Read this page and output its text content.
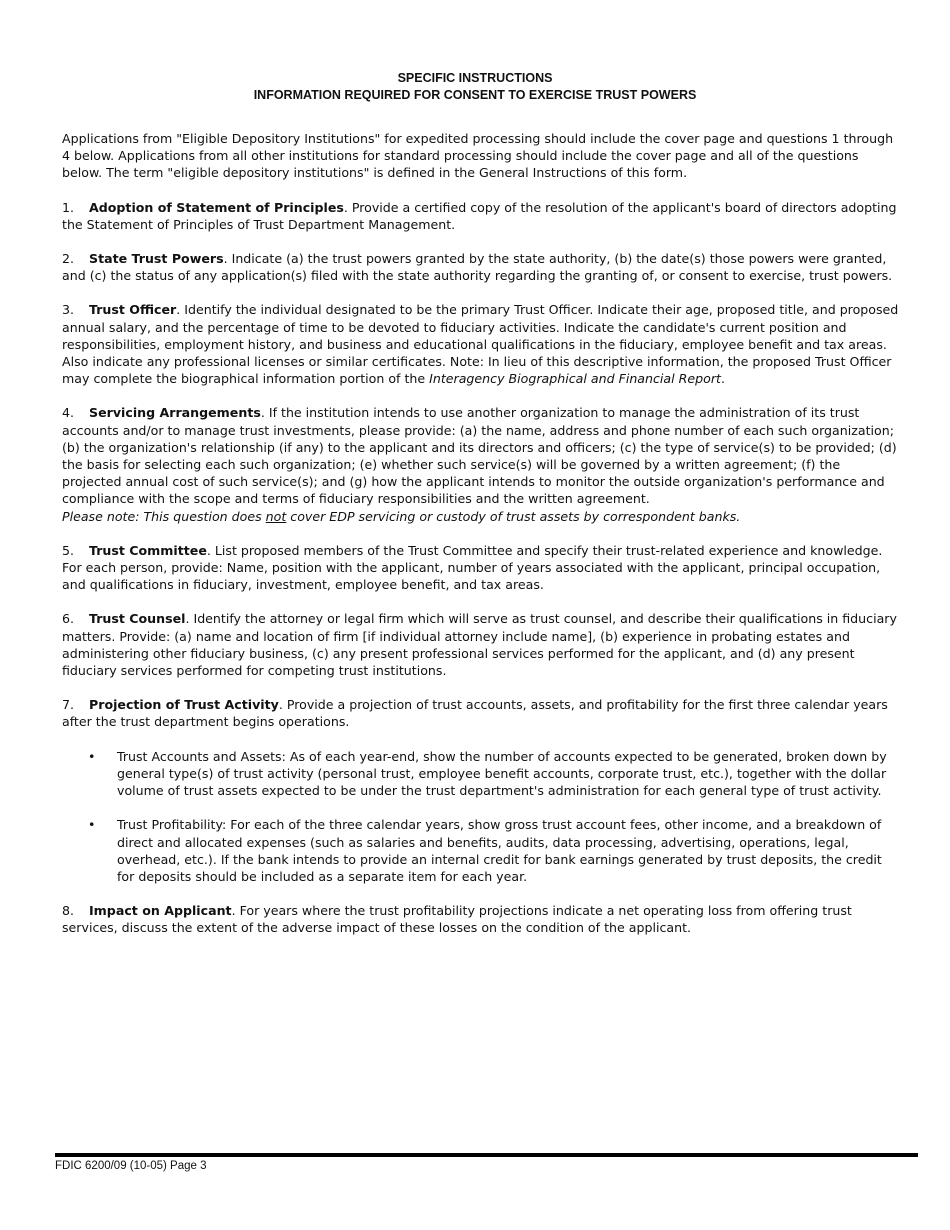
SPECIFIC INSTRUCTIONS
INFORMATION REQUIRED FOR CONSENT TO EXERCISE TRUST POWERS

Applications from "Eligible Depository Institutions" for expedited processing should include the cover page and questions 1 through 4 below. Applications from all other institutions for standard processing should include the cover page and all of the questions below. The term "eligible depository institutions" is defined in the General Instructions of this form.

1. Adoption of Statement of Principles. Provide a certified copy of the resolution of the applicant's board of directors adopting the Statement of Principles of Trust Department Management.

2. State Trust Powers. Indicate (a) the trust powers granted by the state authority, (b) the date(s) those powers were granted, and (c) the status of any application(s) filed with the state authority regarding the granting of, or consent to exercise, trust powers.

3. Trust Officer. Identify the individual designated to be the primary Trust Officer. Indicate their age, proposed title, and proposed annual salary, and the percentage of time to be devoted to fiduciary activities. Indicate the candidate's current position and responsibilities, employment history, and business and educational qualifications in the fiduciary, employee benefit and tax areas. Also indicate any professional licenses or similar certificates. Note: In lieu of this descriptive information, the proposed Trust Officer may complete the biographical information portion of the Interagency Biographical and Financial Report.

4. Servicing Arrangements. If the institution intends to use another organization to manage the administration of its trust accounts and/or to manage trust investments, please provide: (a) the name, address and phone number of each such organization; (b) the organization's relationship (if any) to the applicant and its directors and officers; (c) the type of service(s) to be provided; (d) the basis for selecting each such organization; (e) whether such service(s) will be governed by a written agreement; (f) the projected annual cost of such service(s); and (g) how the applicant intends to monitor the outside organization's performance and compliance with the scope and terms of fiduciary responsibilities and the written agreement.
Please note: This question does not cover EDP servicing or custody of trust assets by correspondent banks.

5. Trust Committee. List proposed members of the Trust Committee and specify their trust-related experience and knowledge. For each person, provide: Name, position with the applicant, number of years associated with the applicant, principal occupation, and qualifications in fiduciary, investment, employee benefit, and tax areas.

6. Trust Counsel. Identify the attorney or legal firm which will serve as trust counsel, and describe their qualifications in fiduciary matters. Provide: (a) name and location of firm [if individual attorney include name], (b) experience in probating estates and administering other fiduciary business, (c) any present professional services performed for the applicant, and (d) any present fiduciary services performed for competing trust institutions.

7. Projection of Trust Activity. Provide a projection of trust accounts, assets, and profitability for the first three calendar years after the trust department begins operations.

• Trust Accounts and Assets: As of each year-end, show the number of accounts expected to be generated, broken down by general type(s) of trust activity (personal trust, employee benefit accounts, corporate trust, etc.), together with the dollar volume of trust assets expected to be under the trust department's administration for each general type of trust activity.
• Trust Profitability: For each of the three calendar years, show gross trust account fees, other income, and a breakdown of direct and allocated expenses (such as salaries and benefits, audits, data processing, advertising, operations, legal, overhead, etc.). If the bank intends to provide an internal credit for bank earnings generated by trust deposits, the credit for deposits should be included as a separate item for each year.

8. Impact on Applicant. For years where the trust profitability projections indicate a net operating loss from offering trust services, discuss the extent of the adverse impact of these losses on the condition of the applicant.

FDIC 6200/09 (10-05) Page 3
